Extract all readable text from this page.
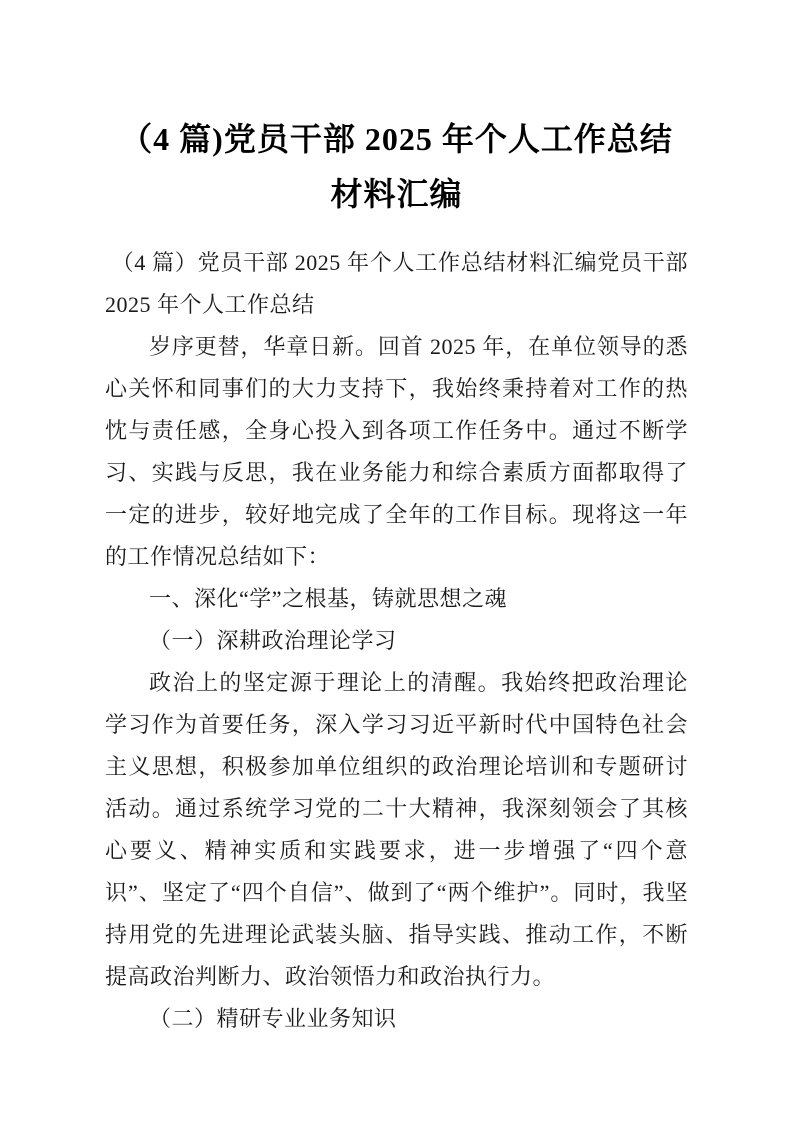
（4 篇)党员干部 2025 年个人工作总结材料汇编

（4 篇）党员干部 2025 年个人工作总结材料汇编党员干部 2025 年个人工作总结

岁序更替，华章日新。回首 2025 年，在单位领导的悉心关怀和同事们的大力支持下，我始终秉持着对工作的热忱与责任感，全身心投入到各项工作任务中。通过不断学习、实践与反思，我在业务能力和综合素质方面都取得了一定的进步，较好地完成了全年的工作目标。现将这一年的工作情况总结如下：

一、深化“学”之根基，铸就思想之魂

（一）深耕政治理论学习

政治上的坚定源于理论上的清醒。我始终把政治理论学习作为首要任务，深入学习习近平新时代中国特色社会主义思想，积极参加单位组织的政治理论培训和专题研讨活动。通过系统学习党的二十大精神，我深刻领会了其核心要义、精神实质和实践要求，进一步增强了“四个意识”、坚定了“四个自信”、做到了“两个维护”。同时，我坚持用党的先进理论武装头脑、指导实践、推动工作，不断提高政治判断力、政治领悟力和政治执行力。

（二）精研专业业务知识
